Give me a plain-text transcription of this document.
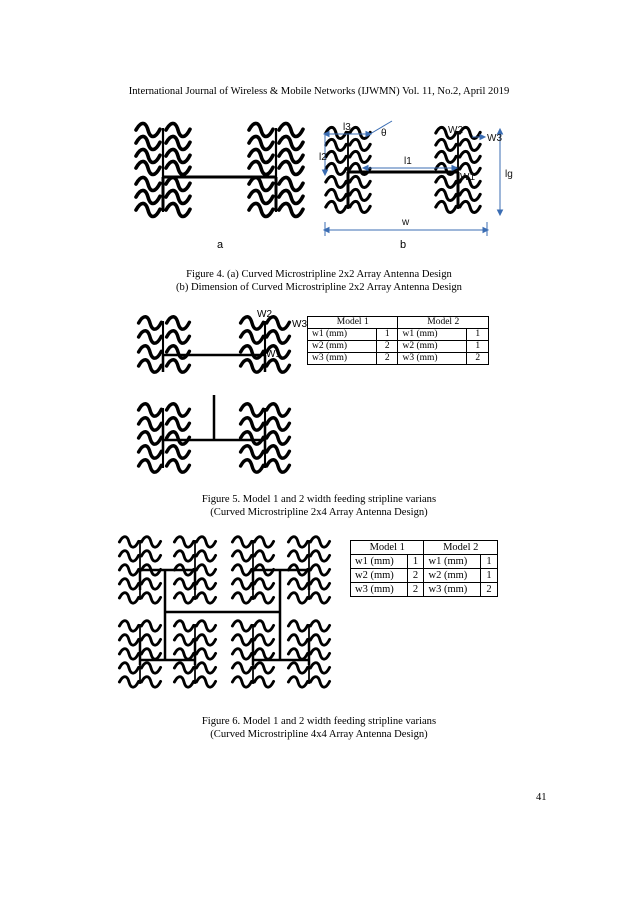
International Journal of Wireless & Mobile Networks (IJWMN) Vol. 11, No.2, April 2019
a
l3
θ
l2	l1
w
lg
W1
W2
W3
b
Figure 4. (a) Curved Microstripline 2x2 Array Antenna Design
(b) Dimension of Curved Microstripline 2x2 Array Antenna Design
W2
W3
W1
Model 1		Model 2	
w1 (mm)	1	w1 (mm)	1
w2 (mm)	2	w2 (mm)	1
w3 (mm)	2	w3 (mm)	2
Figure 5. Model 1 and 2 width feeding stripline varians
(Curved Microstripline 2x4 Array Antenna Design)
Model 1		Model 2	
w1 (mm)	1	w1 (mm)	1
w2 (mm)	2	w2 (mm)	1
w3 (mm)	2	w3 (mm)	2
Figure 6. Model 1 and 2 width feeding stripline varians
(Curved Microstripline 4x4 Array Antenna Design)
41
